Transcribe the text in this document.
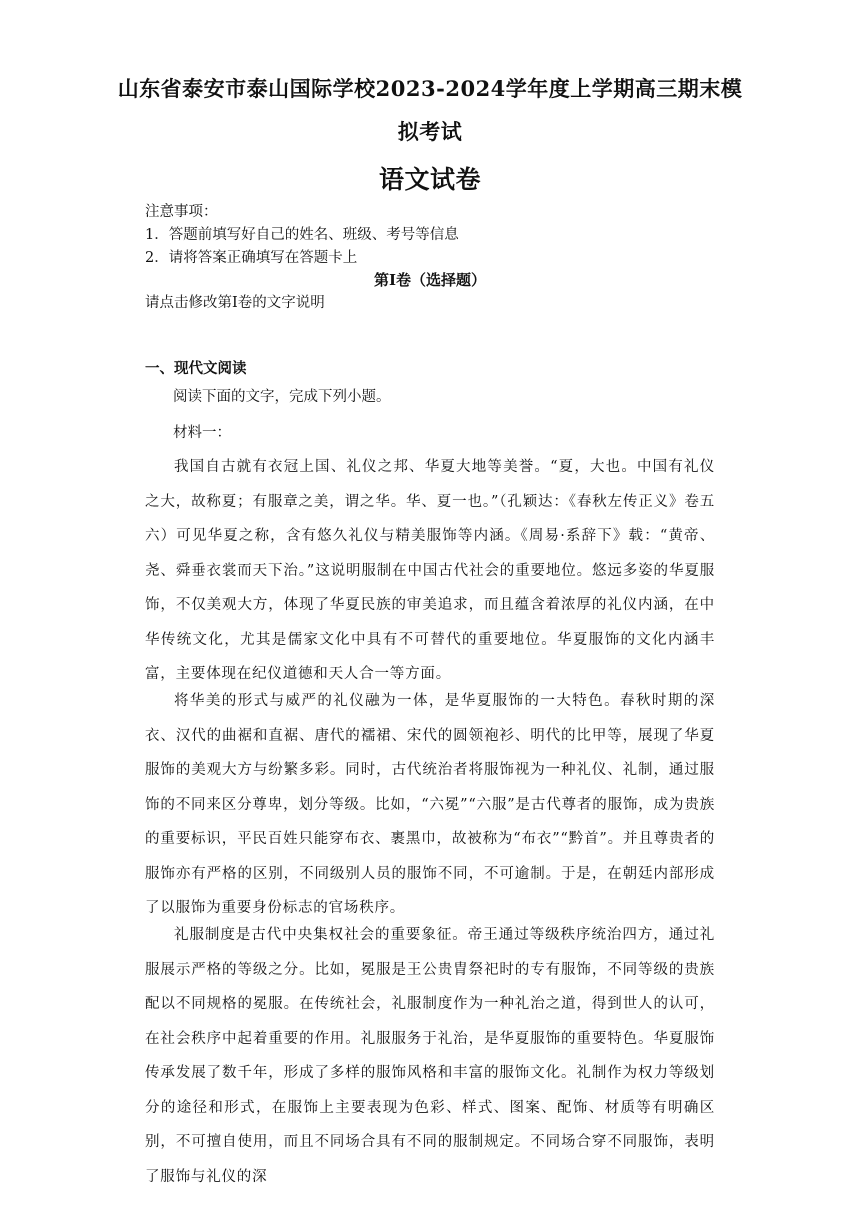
山东省泰安市泰山国际学校2023-2024学年度上学期高三期末模
拟考试
语文试卷
注意事项：
1．答题前填写好自己的姓名、班级、考号等信息
2．请将答案正确填写在答题卡上
第I卷（选择题）
请点击修改第I卷的文字说明
一、现代文阅读
阅读下面的文字，完成下列小题。
材料一：

我国自古就有衣冠上国、礼仪之邦、华夏大地等美誉。“夏，大也。中国有礼仪之大，故称夏；有服章之美，谓之华。华、夏一也。”（孔颖达：《春秋左传正义》卷五六）可见华夏之称，含有悠久礼仪与精美服饰等内涵。《周易·系辞下》载：“黄帝、尧、舜垂衣裳而天下治。”这说明服制在中国古代社会的重要地位。悠远多姿的华夏服饰，不仅美观大方，体现了华夏民族的审美追求，而且蕴含着浓厚的礼仪内涵，在中华传统文化，尤其是儒家文化中具有不可替代的重要地位。华夏服饰的文化内涵丰富，主要体现在纪仪道德和天人合一等方面。

将华美的形式与威严的礼仪融为一体，是华夏服饰的一大特色。春秋时期的深衣、汉代的曲裾和直裾、唐代的襦裙、宋代的圆领袍衫、明代的比甲等，展现了华夏服饰的美观大方与纷繁多彩。同时，古代统治者将服饰视为一种礼仪、礼制，通过服饰的不同来区分尊卑，划分等级。比如，“六冕”“六服”是古代尊者的服饰，成为贵族的重要标识，平民百姓只能穿布衣、裹黑巾，故被称为“布衣”“黔首”。并且尊贵者的服饰亦有严格的区别，不同级别人员的服饰不同，不可逾制。于是，在朝廷内部形成了以服饰为重要身份标志的官场秩序。

礼服制度是古代中央集权社会的重要象征。帝王通过等级秩序统治四方，通过礼服展示严格的等级之分。比如，冕服是王公贵胄祭祀时的专有服饰，不同等级的贵族配以不同规格的冕服。在传统社会，礼服制度作为一种礼治之道，得到世人的认可，在社会秩序中起着重要的作用。礼服服务于礼治，是华夏服饰的重要特色。华夏服饰传承发展了数千年，形成了多样的服饰风格和丰富的服饰文化。礼制作为权力等级划分的途径和形式，在服饰上主要表现为色彩、样式、图案、配饰、材质等有明确区别，不可擅自使用，而且不同场合具有不同的服制规定。不同场合穿不同服饰，表明了服饰与礼仪的深
